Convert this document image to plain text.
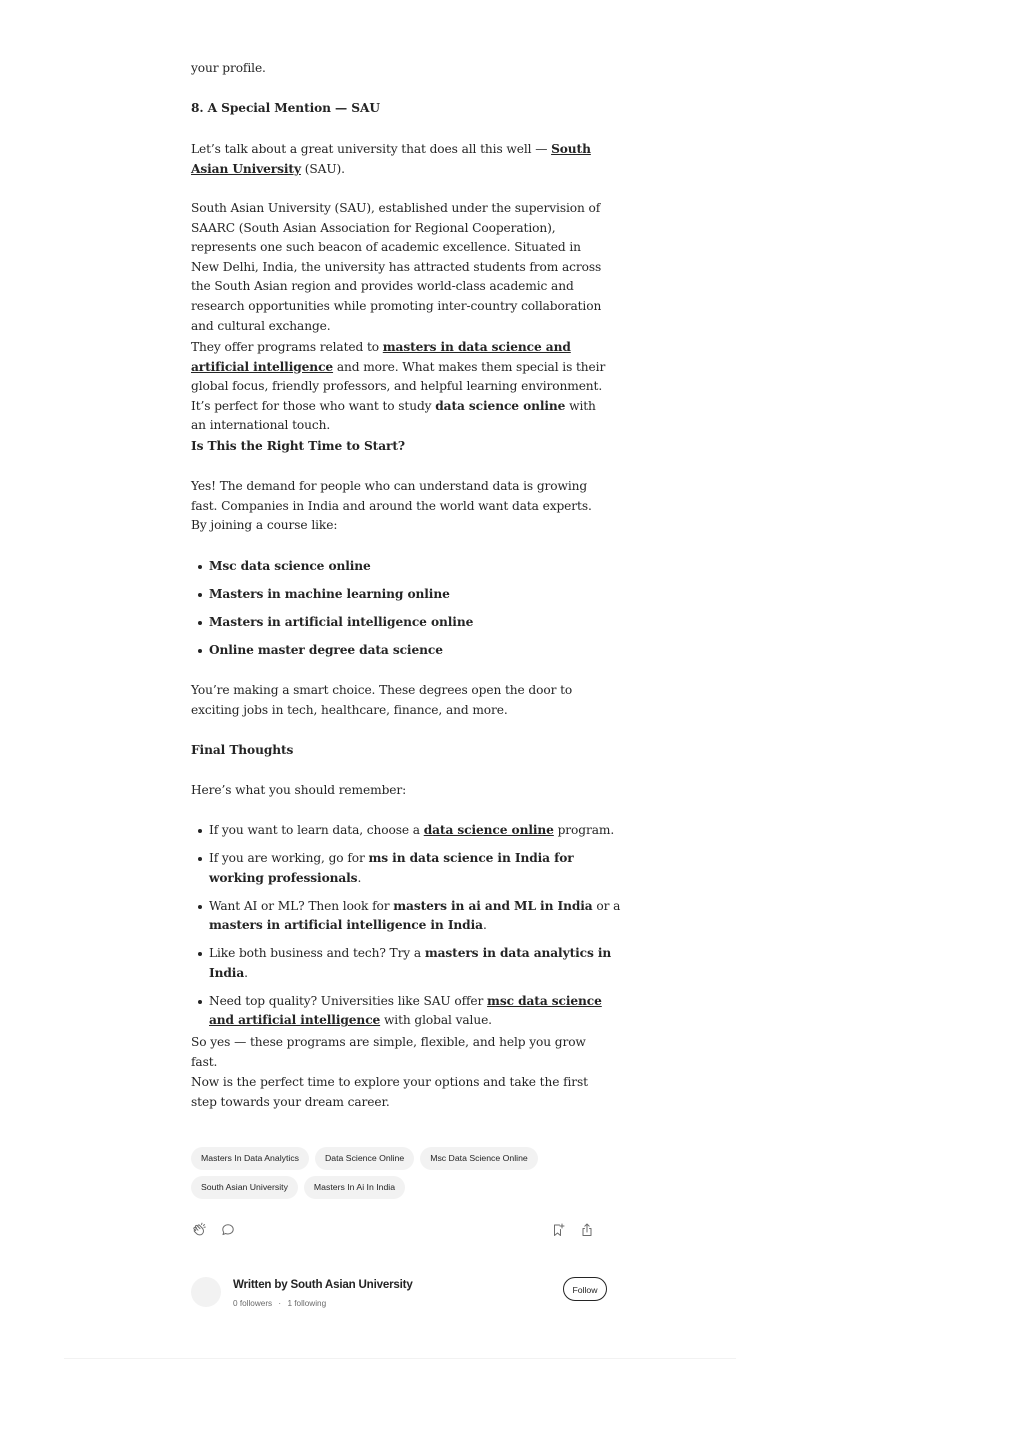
your profile.

8. A Special Mention — SAU

Let’s talk about a great university that does all this well — South Asian University (SAU).

South Asian University (SAU), established under the supervision of SAARC (South Asian Association for Regional Cooperation), represents one such beacon of academic excellence. Situated in New Delhi, India, the university has attracted students from across the South Asian region and provides world-class academic and research opportunities while promoting inter-country collaboration and cultural exchange.

They offer programs related to masters in data science and artificial intelligence and more. What makes them special is their global focus, friendly professors, and helpful learning environment. It’s perfect for those who want to study data science online with an international touch.

Is This the Right Time to Start?

Yes! The demand for people who can understand data is growing fast. Companies in India and around the world want data experts. By joining a course like:

Msc data science online
Masters in machine learning online
Masters in artificial intelligence online
Online master degree data science

You’re making a smart choice. These degrees open the door to exciting jobs in tech, healthcare, finance, and more.

Final Thoughts

Here’s what you should remember:

If you want to learn data, choose a data science online program.
If you are working, go for ms in data science in India for working professionals.
Want AI or ML? Then look for masters in ai and ML in India or a masters in artificial intelligence in India.
Like both business and tech? Try a masters in data analytics in India.
Need top quality? Universities like SAU offer msc data science and artificial intelligence with global value.

So yes — these programs are simple, flexible, and help you grow fast.

Now is the perfect time to explore your options and take the first step towards your dream career.

Masters In Data Analytics	Data Science Online	Msc Data Science Online
South Asian University	Masters In Ai In India
Written by South Asian University
0 followers · 1 following
Follow
